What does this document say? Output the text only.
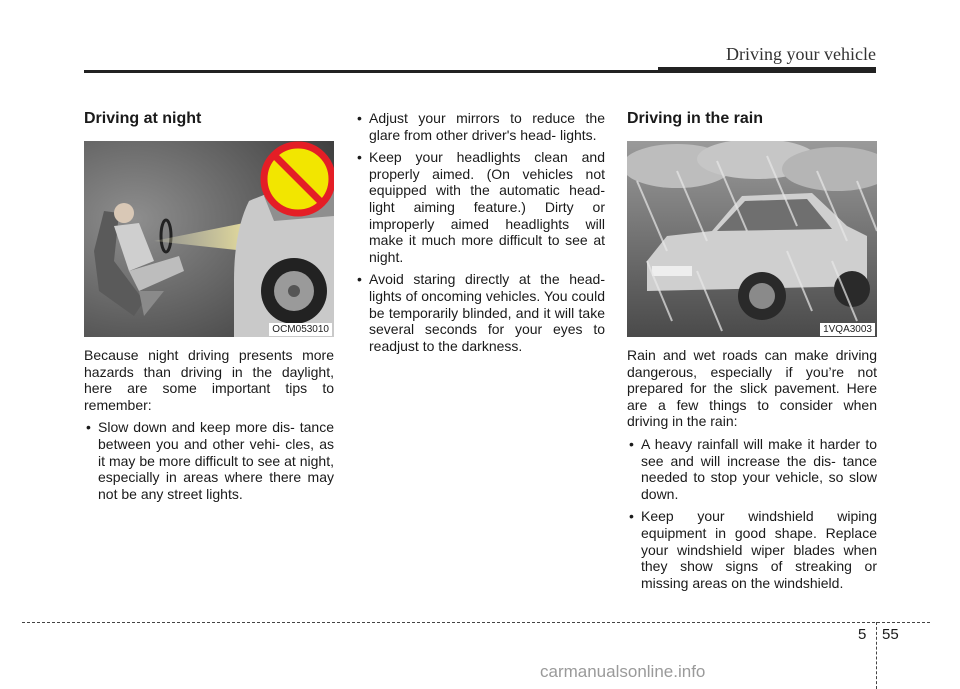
Driving your vehicle
Driving at night
OCM053010

Because night driving presents more hazards than driving in the daylight, here are some important tips to remember:

• Slow down and keep more dis- tance between you and other vehi- cles, as it may be more difficult to see at night, especially in areas where there may not be any street lights.
• Adjust your mirrors to reduce the glare from other driver's head- lights.
• Keep your headlights clean and properly aimed. (On vehicles not equipped with the automatic head- light aiming feature.) Dirty or improperly aimed headlights will make it much more difficult to see at night.
• Avoid staring directly at the head- lights of oncoming vehicles. You could be temporarily blinded, and it will take several seconds for your eyes to readjust to the darkness.
Driving in the rain
1VQA3003

Rain and wet roads can make driving dangerous, especially if you’re not prepared for the slick pavement. Here are a few things to consider when driving in the rain:

• A heavy rainfall will make it harder to see and will increase the dis- tance needed to stop your vehicle, so slow down.
• Keep your windshield wiping equipment in good shape. Replace your windshield wiper blades when they show signs of streaking or missing areas on the windshield.
5 55
carmanualsonline.info
